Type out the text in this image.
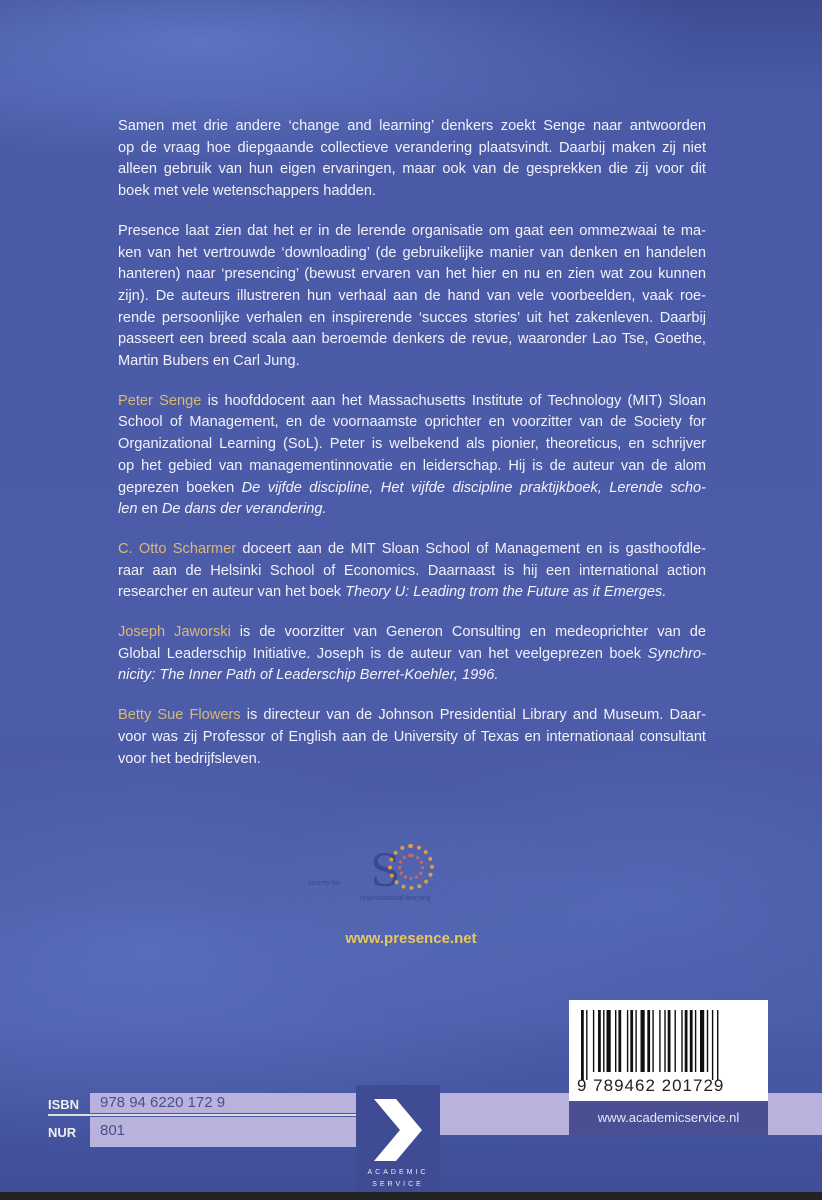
Samen met drie andere ‘change and learning’ denkers zoekt Senge naar antwoorden
op de vraag hoe diepgaande collectieve verandering plaatsvindt. Daarbij maken zij niet
alleen gebruik van hun eigen ervaringen, maar ook van de gesprekken die zij voor dit
boek met vele wetenschappers hadden.
Presence laat zien dat het er in de lerende organisatie om gaat een ommezwaai te ma-
ken van het vertrouwde ‘downloading’ (de gebruikelijke manier van denken en handelen
hanteren) naar ‘presencing’ (bewust ervaren van het hier en nu en zien wat zou kunnen
zijn). De auteurs illustreren hun verhaal aan de hand van vele voorbeelden, vaak roe-
rende persoonlijke verhalen en inspirerende ‘succes stories’ uit het zakenleven. Daarbij
passeert een breed scala aan beroemde denkers de revue, waaronder Lao Tse, Goethe,
Martin Bubers en Carl Jung.
Peter Senge is hoofddocent aan het Massachusetts Institute of Technology (MIT) Sloan
School of Management, en de voornaamste oprichter en voorzitter van de Society for
Organizational Learning (SoL). Peter is welbekend als pionier, theoreticus, en schrijver
op het gebied van managementinnovatie en leiderschap. Hij is de auteur van de alom
geprezen boeken De vijfde discipline, Het vijfde discipline praktijkboek, Lerende scho-
len en De dans der verandering.
C. Otto Scharmer doceert aan de MIT Sloan School of Management en is gasthoofdle-
raar aan de Helsinki School of Economics. Daarnaast is hij een international action
researcher en auteur van het boek Theory U: Leading trom the Future as it Emerges.
Joseph Jaworski is de voorzitter van Generon Consulting en medeoprichter van de
Global Leaderschip Initiative. Joseph is de auteur van het veelgeprezen boek Synchro-
nicity: The Inner Path of Leaderschip Berret-Koehler, 1996.
Betty Sue Flowers is directeur van de Johnson Presidential Library and Museum. Daar-
voor was zij Professor of English aan de University of Texas en internationaal consultant
voor het bedrijfsleven.
society for S
organizational learning
www.presence.net
ISBN 978 94 6220 172 9
NUR 801
ACADEMIC
SERVICE
9 789462 201729
www.academicservice.nl
